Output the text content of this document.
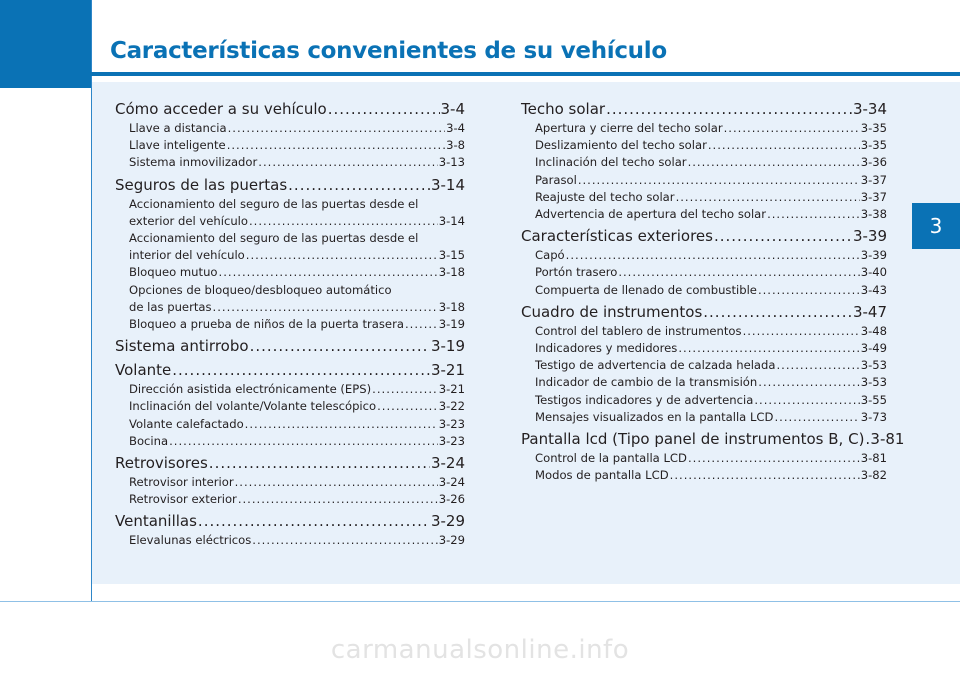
Características convenientes de su vehículo
3
Cómo acceder a su vehículo .....	3-4
Llave a distancia .....	3-4
Llave inteligente .....	3-8
Sistema inmovilizador .....	3-13
Seguros de las puertas .....	3-14
Accionamiento del seguro de las puertas desde el
exterior del vehículo .....	3-14
Accionamiento del seguro de las puertas desde el
interior del vehículo .....	3-15
Bloqueo mutuo .....	3-18
Opciones de bloqueo/desbloqueo automático
de las puertas .....	3-18
Bloqueo a prueba de niños de la puerta trasera .....	3-19
Sistema antirrobo .....	3-19
Volante .....	3-21
Dirección asistida electrónicamente (EPS) .....	3-21
Inclinación del volante/Volante telescópico .....	3-22
Volante calefactado .....	3-23
Bocina .....	3-23
Retrovisores .....	3-24
Retrovisor interior .....	3-24
Retrovisor exterior .....	3-26
Ventanillas .....	3-29
Elevalunas eléctricos .....	3-29
Techo solar .....	3-34
Apertura y cierre del techo solar .....	3-35
Deslizamiento del techo solar .....	3-35
Inclinación del techo solar .....	3-36
Parasol .....	3-37
Reajuste del techo solar .....	3-37
Advertencia de apertura del techo solar .....	3-38
Características exteriores .....	3-39
Capó .....	3-39
Portón trasero .....	3-40
Compuerta de llenado de combustible .....	3-43
Cuadro de instrumentos .....	3-47
Control del tablero de instrumentos .....	3-48
Indicadores y medidores .....	3-49
Testigo de advertencia de calzada helada .....	3-53
Indicador de cambio de la transmisión .....	3-53
Testigos indicadores y de advertencia .....	3-55
Mensajes visualizados en la pantalla LCD .....	3-73
Pantalla lcd (Tipo panel de instrumentos B, C) ..... 3-81
Control de la pantalla LCD .....	3-81
Modos de pantalla LCD .....	3-82
carmanualsonline.info
